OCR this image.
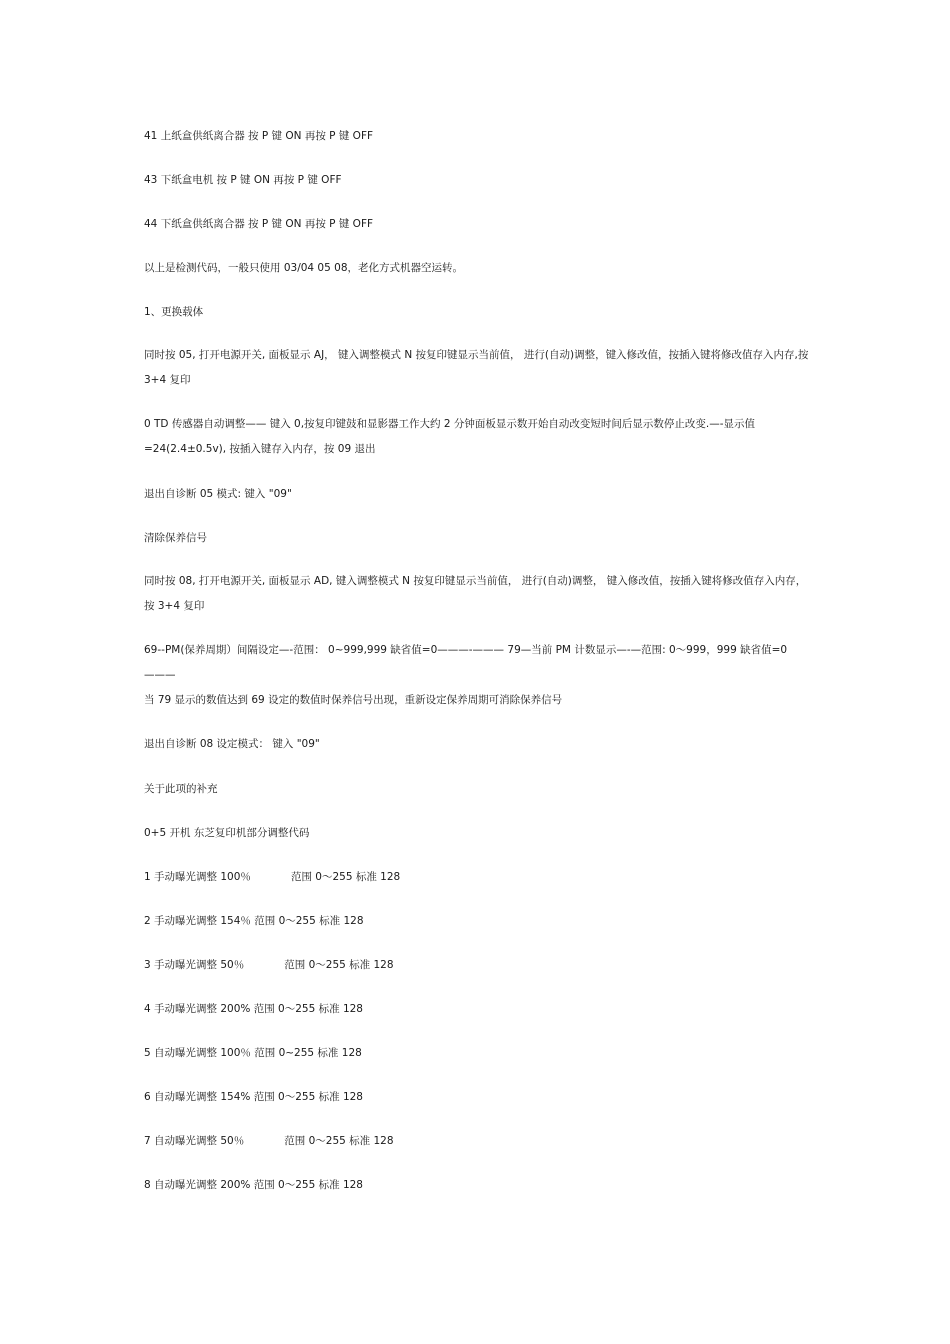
41 上纸盒供纸离合器 按 P 键 ON 再按 P 键 OFF
43 下纸盒电机 按 P 键 ON 再按 P 键 OFF
44 下纸盒供纸离合器 按 P 键 ON 再按 P 键 OFF
以上是检测代码，一般只使用 03/04 05 08，老化方式机器空运转。
1、更换载体
同时按 05, 打开电源开关, 面板显示 AJ， 键入调整模式 N 按复印键显示当前值， 进行(自动)调整，键入修改值，按插入键将修改值存入内存,按 3+4 复印
0 TD 传感器自动调整—— 键入 0,按复印键鼓和显影器工作大约 2 分钟面板显示数开始自动改变短时间后显示数停止改变.—-显示值=24(2.4±0.5v), 按插入键存入内存，按 09 退出
退出自诊断 05 模式: 键入 "09"
清除保养信号
同时按 08, 打开电源开关, 面板显示 AD, 键入调整模式 N 按复印键显示当前值， 进行(自动)调整， 键入修改值，按插入键将修改值存入内存，按 3+4 复印
69--PM(保养周期）间隔设定—-范围： 0~999,999 缺省值=0———-——— 79—当前 PM 计数显示—-—范围: 0～999，999 缺省值=0———
当 79 显示的数值达到 69 设定的数值时保养信号出现，重新设定保养周期可消除保养信号
退出自诊断 08 设定模式： 键入 "09"
关于此项的补充
0+5 开机 东芝复印机部分调整代码
1 手动曝光调整 100％            范围 0～255 标准 128
2 手动曝光调整 154％ 范围 0～255 标准 128
3 手动曝光调整 50％            范围 0～255 标准 128
4 手动曝光调整 200% 范围 0～255 标准 128
5 自动曝光调整 100％ 范围 0~255 标准 128
6 自动曝光调整 154% 范围 0～255 标准 128
7 自动曝光调整 50％            范围 0～255 标准 128
8 自动曝光调整 200% 范围 0～255 标准 128
